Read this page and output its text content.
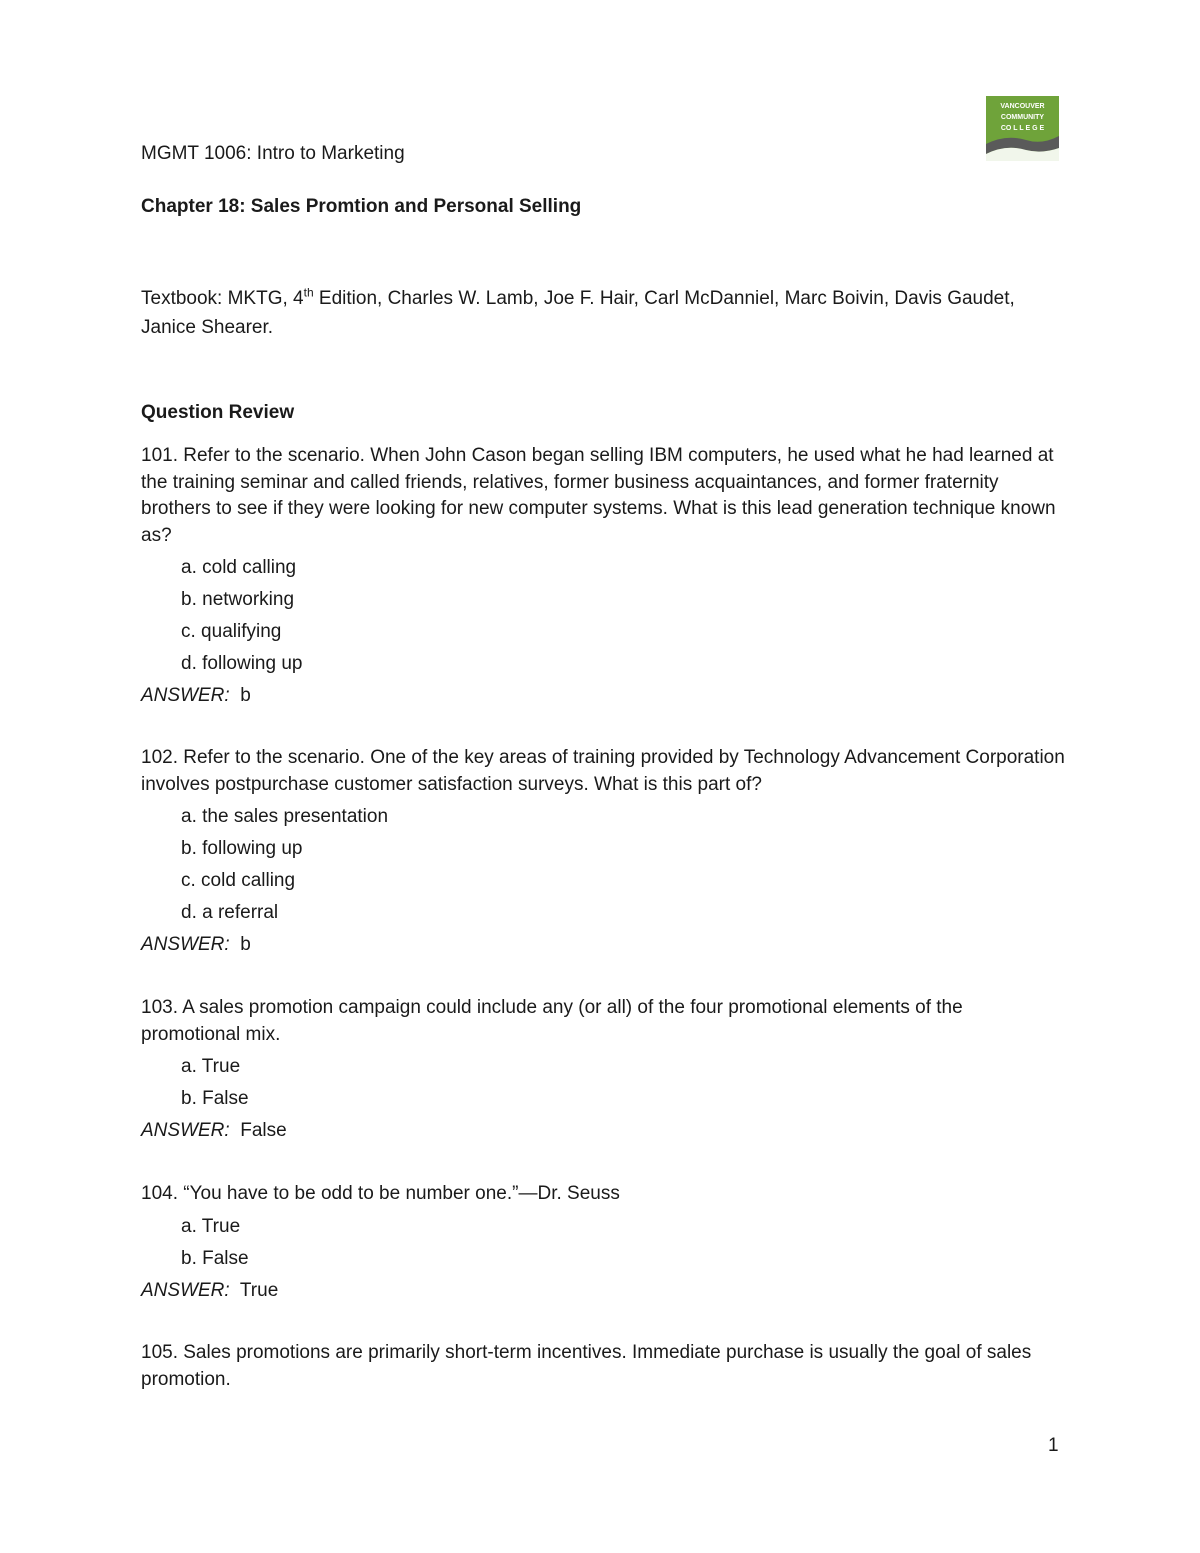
VANCOUVER
COMMUNITY
CO L L E G E
MGMT 1006: Intro to Marketing
Chapter 18: Sales Promtion and Personal Selling

Textbook: MKTG, 4th Edition, Charles W. Lamb, Joe F. Hair, Carl McDanniel, Marc Boivin, Davis Gaudet, Janice Shearer.

Question Review

101. Refer to the scenario. When John Cason began selling IBM computers, he used what he had learned at the training seminar and called friends, relatives, former business acquaintances, and former fraternity brothers to see if they were looking for new computer systems. What is this lead generation technique known as?

a. cold calling
b. networking
c. qualifying
d. following up

ANSWER: b

102. Refer to the scenario. One of the key areas of training provided by Technology Advancement Corporation involves postpurchase customer satisfaction surveys. What is this part of?

a. the sales presentation
b. following up
c. cold calling
d. a referral

ANSWER: b

103. A sales promotion campaign could include any (or all) of the four promotional elements of the promotional mix.

a. True
b. False

ANSWER: False

104. “You have to be odd to be number one.”—Dr. Seuss

a. True
b. False

ANSWER: True

105. Sales promotions are primarily short-term incentives. Immediate purchase is usually the goal of sales promotion.

1
